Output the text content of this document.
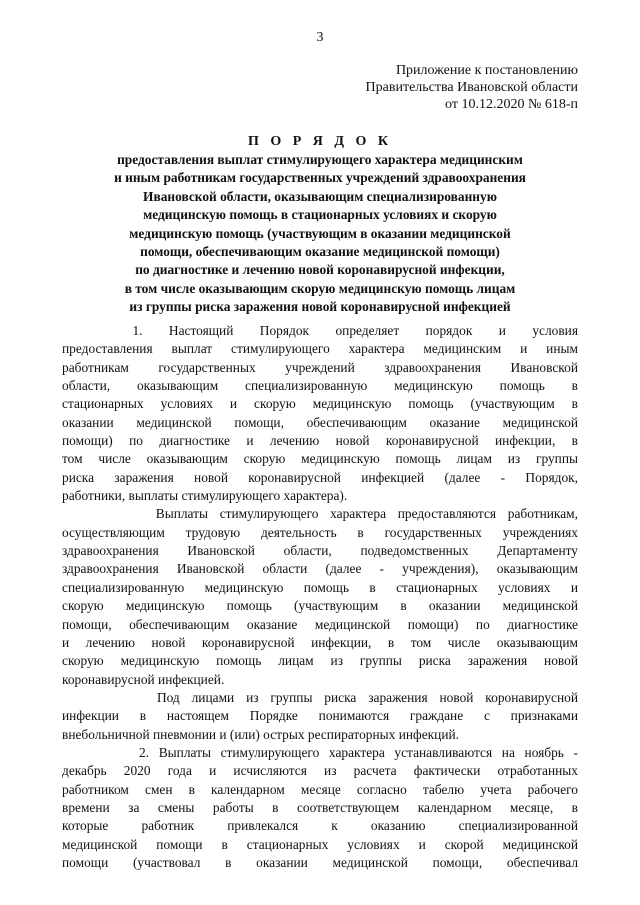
3
Приложение к постановлению
Правительства Ивановской области
от 10.12.2020 № 618-п
П О Р Я Д О К
предоставления выплат стимулирующего характера медицинским
и иным работникам государственных учреждений здравоохранения
Ивановской области, оказывающим специализированную
медицинскую помощь в стационарных условиях и скорую
медицинскую помощь (участвующим в оказании медицинской
помощи, обеспечивающим оказание медицинской помощи)
по диагностике и лечению новой коронавирусной инфекции,
в том числе оказывающим скорую медицинскую помощь лицам
из группы риска заражения новой коронавирусной инфекцией
1.   Настоящий   Порядок   определяет   порядок   и   условия
предоставления выплат стимулирующего характера медицинским и иным
работникам государственных учреждений здравоохранения Ивановской
области, оказывающим специализированную медицинскую помощь в
стационарных условиях и скорую медицинскую помощь (участвующим в
оказании медицинской помощи, обеспечивающим оказание медицинской
помощи) по диагностике и лечению новой коронавирусной инфекции, в
том числе оказывающим скорую медицинскую помощь лицам из группы
риска заражения новой коронавирусной инфекцией (далее - Порядок,
работники, выплаты стимулирующего характера).
Выплаты стимулирующего характера предоставляются работникам,
осуществляющим трудовую деятельность в государственных учреждениях
здравоохранения Ивановской области, подведомственных Департаменту
здравоохранения Ивановской области (далее - учреждения), оказывающим
специализированную медицинскую помощь в стационарных условиях и
скорую медицинскую помощь (участвующим в оказании медицинской
помощи, обеспечивающим оказание медицинской помощи) по диагностике
и лечению новой коронавирусной инфекции, в том числе оказывающим
скорую медицинскую помощь лицам из группы риска заражения новой
коронавирусной инфекцией.
Под лицами из группы риска заражения новой коронавирусной
инфекции в настоящем Порядке понимаются граждане с признаками
внебольничной пневмонии и (или) острых респираторных инфекций.
2. Выплаты стимулирующего характера устанавливаются на ноябрь -
декабрь 2020 года и исчисляются из расчета фактически отработанных
работником смен в календарном месяце согласно табелю учета рабочего
времени за смены работы в соответствующем календарном месяце, в
которые   работник   привлекался   к   оказанию   специализированной
медицинской помощи в стационарных условиях и скорой медицинской
помощи (участвовал в оказании медицинской помощи, обеспечивал
